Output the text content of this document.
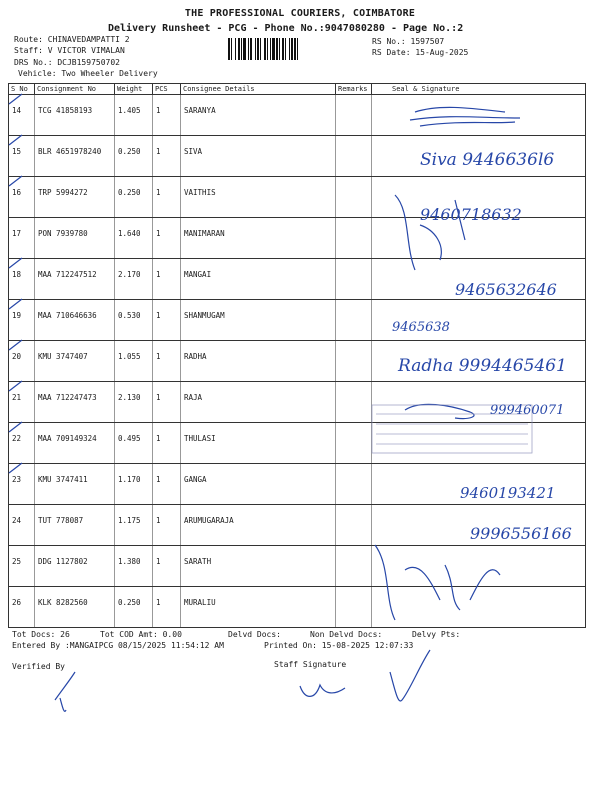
THE PROFESSIONAL COURIERS, COIMBATORE
Delivery Runsheet - PCG - Phone No.:9047080280 - Page No.:2
Route: CHINAVEDAMPATTI 2
Staff: V VICTOR VIMALAN
DRS No.: DCJB159750702
Vehicle: Two Wheeler Delivery
RS No.: 1597507
RS Date: 15-Aug-2025
S No	Consignment No	Weight	PCS	Consignee Details	Remarks	Seal & Signature
14	TCG 41858193	1.405	1	SARANYA		
15	BLR 4651978240	0.250	1	SIVA		
16	TRP 5994272	0.250	1	VAITHIS		
17	PON 7939780	1.640	1	MANIMARAN		
18	MAA 712247512	2.170	1	MANGAI		
19	MAA 710646636	0.530	1	SHANMUGAM		
20	KMU 3747407	1.055	1	RADHA		
21	MAA 712247473	2.130	1	RAJA		
22	MAA 709149324	0.495	1	THULASI		
23	KMU 3747411	1.170	1	GANGA		
24	TUT 778087	1.175	1	ARUMUGARAJA		
25	DDG 1127802	1.380	1	SARATH		
26	KLK 8282560	0.250	1	MURALIU		
Siva 9446636l6
9460718632
9465632646
9465638
Radha 9994465461
999460071
9460193421
9996556166
Tot Docs: 26	Tot COD Amt: 0.00	Delvd Docs:	Non Delvd Docs:	Delvy Pts:
Entered By :MANGAIPCG 08/15/2025 11:54:12 AM	Printed On: 15-08-2025 12:07:33
Verified By	Staff Signature
